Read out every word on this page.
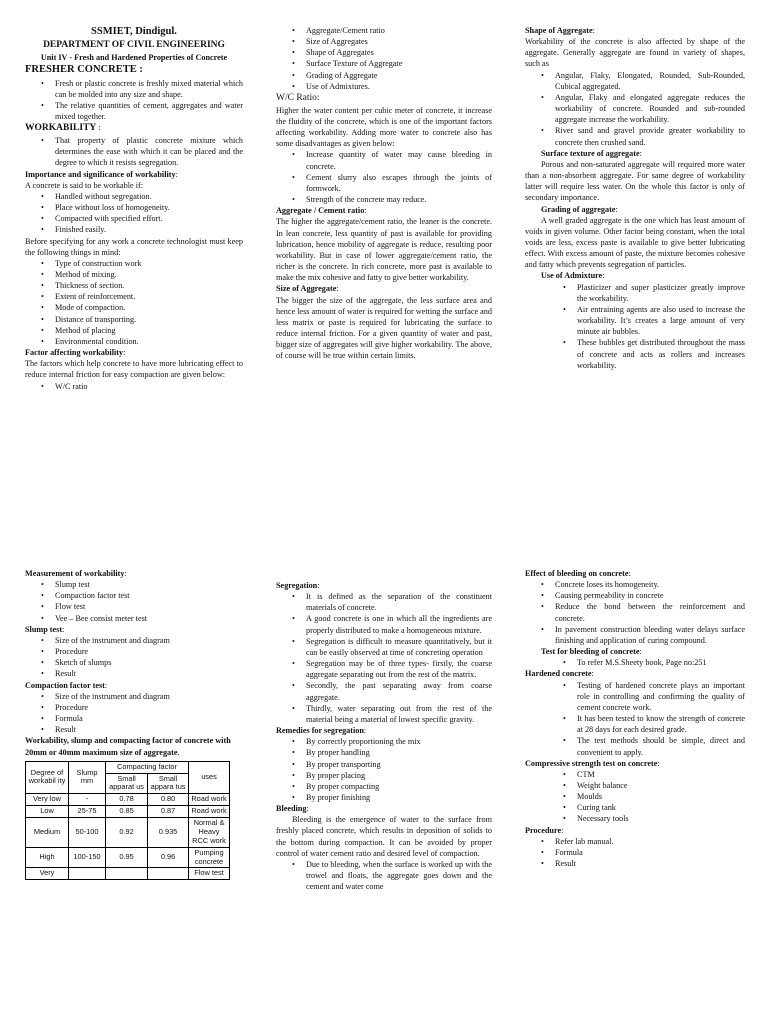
SSMIET, Dindigul.

DEPARTMENT OF CIVIL ENGINEERING

Unit IV - Fresh and Hardened Properties of Concrete

FRESHER CONCRETE :

• Fresh or plastic concrete is freshly mixed material which can be molded into any size and shape.
• The relative quantities of cement, aggregates and water mixed together.

WORKABILITY :

• That property of plastic concrete mixture which determines the ease with which it can be placed and the degree to which it resists segregation.

Importance and significance of workability:

A concrete is said to be workable if:

• Handled without segregation.
• Place without loss of homogeneity.
• Compacted with specified effort.
• Finished easily.

Before specifying for any work a concrete technologist must keep the following things in mind:

• Type of construction work
• Method of mixing.
• Thickness of section.
• Extent of reinforcement.
• Mode of compaction.
• Distance of transporting.
• Method of placing
• Environmental condition.

Factor affecting workability:

The factors which help concrete to have more lubricating effect to reduce internal friction for easy compaction are given below:

• W/C ratio
• Aggregate/Cement ratio
• Size of Aggregates
• Shape of Aggregates
• Surface Texture of Aggregate
• Grading of Aggregate
• Use of Admixtures.

W/C Ratio:

Higher the water content per cubic meter of concrete, it increase the fluidity of the concrete, which is one of the important factors affecting workability. Adding more water to concrete also has some disadvantages as given below:

• Increase quantity of water may cause bleeding in concrete.
• Cement slurry also escapes through the joints of formwork.
• Strength of the concrete may reduce.

Aggregate / Cement ratio:

The higher the aggregate/cement ratio, the leaner is the concrete. In lean concrete, less quantity of past is available for providing lubrication, hence mobility of aggregate is reduce, resulting poor workability. But in case of lower aggregate/cement ratio, the richer is the concrete. In rich concrete, more past is available to make the mix cohesive and fatty to give better workability.

Size of Aggregate:

The bigger the size of the aggregate, the less surface area and hence less amount of water is required for wetting the surface and less matrix or paste is required for lubricating the surface to reduce internal friction. For a given quantity of water and past, bigger size of aggregates will give higher workability. The above, of course will be true within certain limits.

Shape of Aggregate:

Workability of the concrete is also affected by shape of the aggregate. Generally aggregate are found in variety of shapes, such as

• Angular, Flaky, Elongated, Rounded, Sub-Rounded, Cubical aggregated.
• Angular, Flaky and elongated aggregate reduces the workability of concrete. Rounded and sub-rounded aggregate increase the workability.
• River sand and gravel provide greater workability to concrete then crushed sand.

Surface texture of aggregate:

Porous and non-saturated aggregate will required more water than a non-absorbent aggregate. For same degree of workability latter will require less water. On the whole this factor is only of secondary importance.

Grading of aggregate:

A well graded aggregate is the one which has least amount of voids in given volume. Other factor being constant, when the total voids are less, excess paste is available to give better lubricating effect. With excess amount of paste, the mixture becomes cohesive and fatty which prevents segregation of particles.

Use of Admixture:

• Plasticizer and super plasticizer greatly improve the workability.
• Air entraining agents are also used to increase the workability. It’s creates a large amount of very minute air bubbles.
• These bubbles get distributed throughout the mass of concrete and acts as rollers and increases workability.

Measurement of workability:

• Slump test
• Compaction factor test
• Flow test
• Vee – Bee consist meter test

Slump test:

• Size of the instrument and diagram
• Procedure
• Sketch of slumps
• Result

Compaction factor test:

• Size of the instrument and diagram
• Procedure
• Formula
• Result

Workability, slump and compacting factor of concrete with 20mm or 40mm maximum size of aggregate.

Degree of workabil ity	Slump mm	Compacting factor		uses
		Small apparat us	Small appara tus	
Very low	-	0.78	0.80	Road work
Low	25-75	0.85	0.87	Road work
Medium	50-100	0.92	0.935	Normal & Heavy RCC work
High	100-150	0.95	0.96	Pumping concrete
Very				Flow test

Segregation:

• It is defined as the separation of the constituent materials of concrete.
• A good concrete is one in which all the ingredients are properly distributed to make a homogeneous mixture.
• Segregation is difficult to measure quantitatively, but it can be easily observed at time of concreting operation
• Segregation may be of three types- firstly, the coarse aggregate separating out from the rest of the matrix.
• Secondly, the past separating away from coarse aggregate.
• Thirdly, water separating out from the rest of the material being a material of lowest specific gravity.

Remedies for segregation:

• By correctly proportioning the mix
• By proper handling
• By proper transporting
• By proper placing
• By proper compacting
• By proper finishing

Bleeding:

Bleeding is the emergence of water to the surface from freshly placed concrete, which results in deposition of solids to the bottom during compaction. It can be avoided by proper control of water cement ratio and desired level of compaction.

• Due to bleeding, when the surface is worked up with the trowel and floats, the aggregate goes down and the cement and water come

Effect of bleeding on concrete:

• Concrete loses its homogeneity.
• Causing permeability in concrete
• Reduce the bond between the reinforcement and concrete.
• In pavement construction bleeding water delays surface finishing and application of curing compound.

Test for bleeding of concrete:

• To refer M.S.Sheety book, Page no:251

Hardened concrete:

• Testing of hardened concrete plays an important role in controlling and confirming the quality of cement concrete work.
• It has been tested to know the strength of concrete at 28 days for each desired grade.
• The test methods should be simple, direct and convenient to apply.

Compressive strength test on concrete:

• CTM
• Weight balance
• Moulds
• Curing tank
• Necessary tools

Procedure:

• Refer lab manual.
• Formula
• Result
